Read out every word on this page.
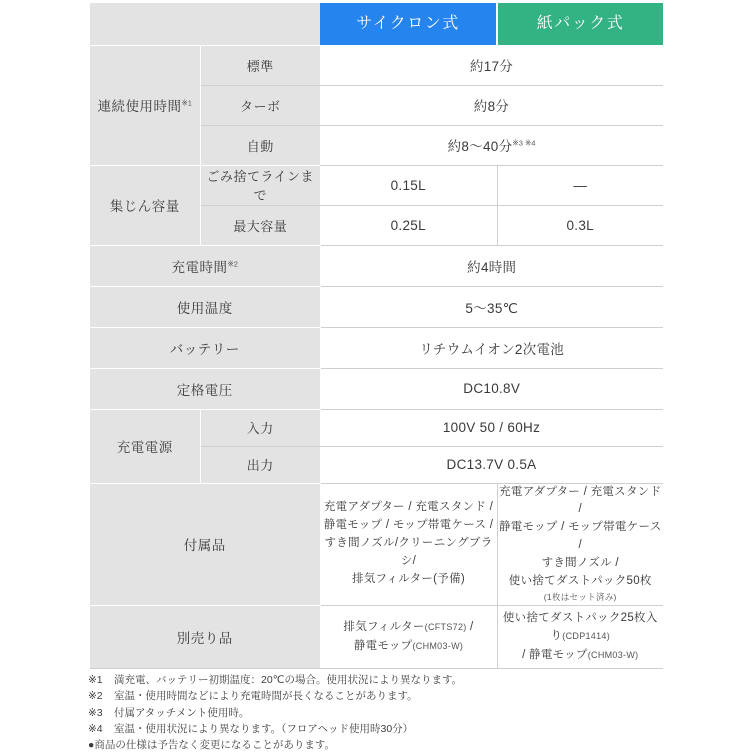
		サイクロン式	紙パック式
連続使用時間$^{※1}$	標準	約17分	
	ターボ	約8分	
	自動	約8〜40分$^{※3 ※4}$
集じん容量	ごみ捨てラインまで	0.15L	—
	最大容量	0.25L	0.3L
充電時間$^{※2}$		約4時間	
使用温度		5〜35℃	
バッテリー		リチウムイオン2次電池	
定格電圧		DC10.8V	
充電電源	入力	100V 50 / 60Hz	
	出力	DC13.7V 0.5A	
付属品		充電アダプター / 充電スタンド /
静電モップ / モップ帯電ケース /
すき間ノズル/クリーニングブラシ/
排気フィルター(予備)	充電アダプター / 充電スタンド /
静電モップ / モップ帯電ケース /
すき間ノズル /
使い捨てダストパック50枚
(1枚はセット済み)

別売り品		排気フィルター(CFTS72) /
静電モップ(CHM03-W)	使い捨てダストパック25枚入り(CDP1414)
/ 静電モップ(CHM03-W)
※1 満充電、バッテリー初期温度：20℃の場合。使用状況により異なります。
※2 室温・使用時間などにより充電時間が長くなることがあります。
※3 付属アタッチメント使用時。
※4 室温・使用状況により異なります。（フロアヘッド使用時30分）
●商品の仕様は予告なく変更になることがあります。
